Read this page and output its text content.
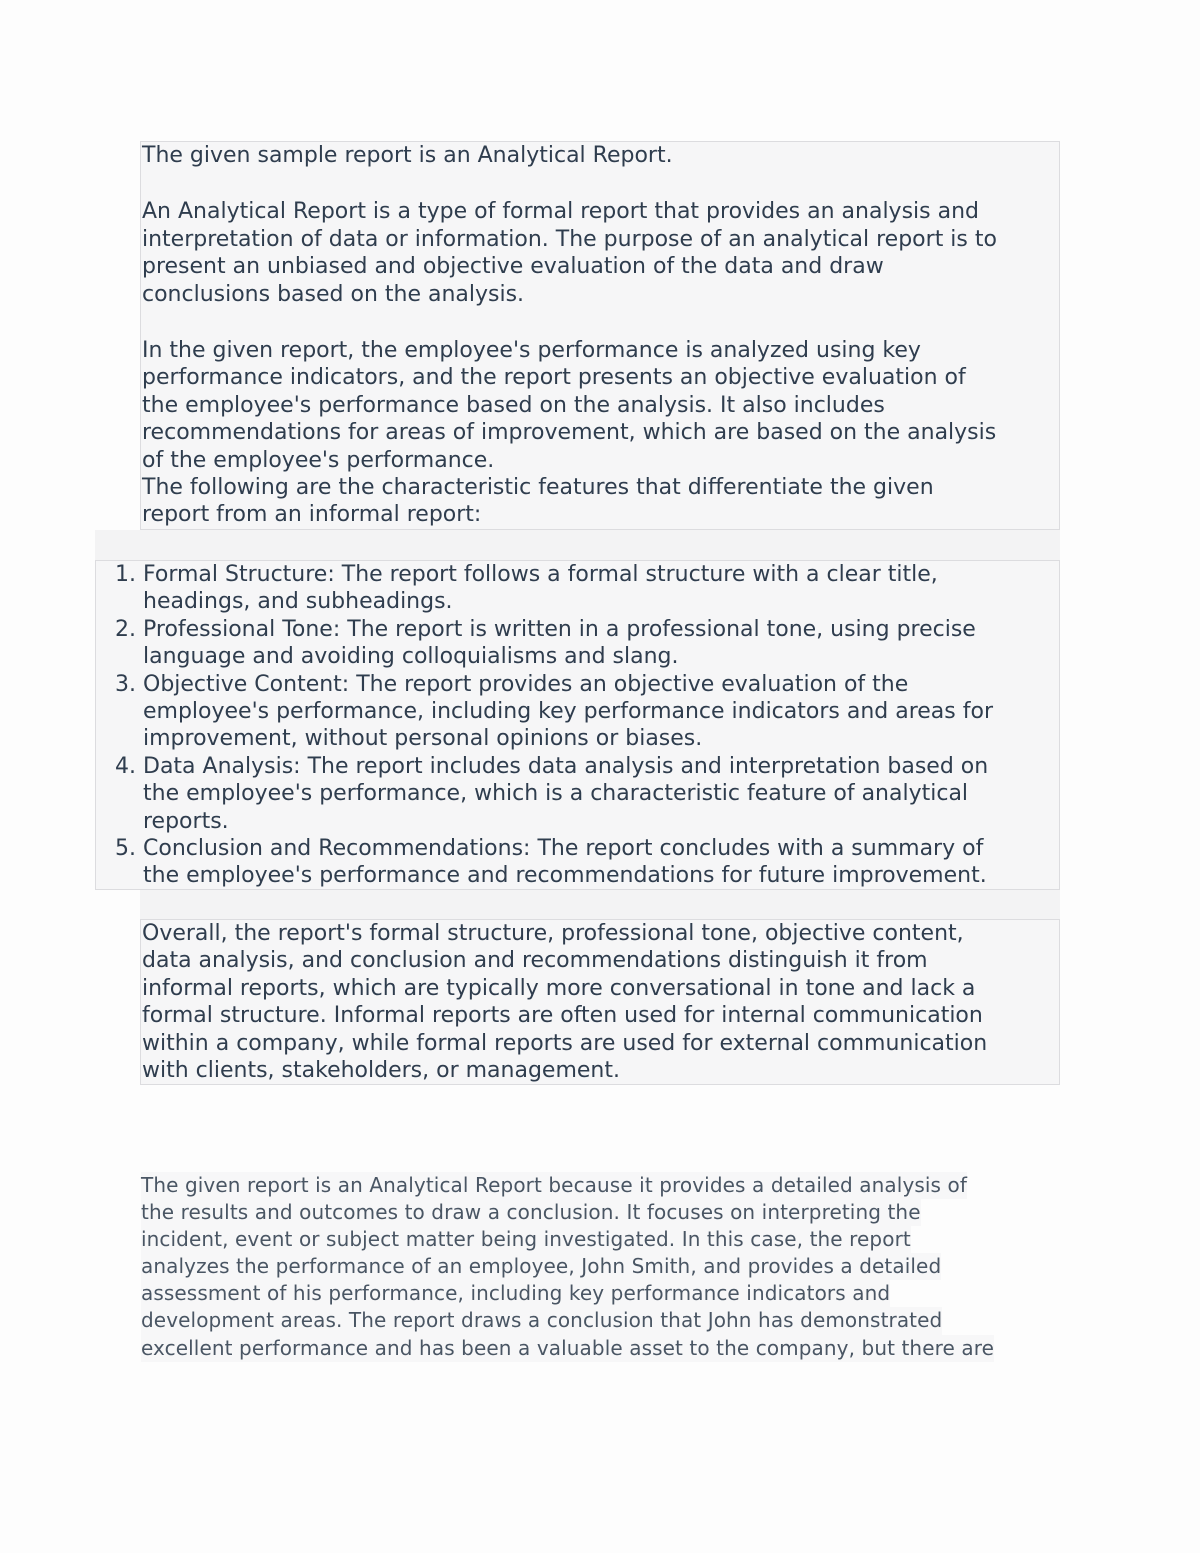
The given sample report is an Analytical Report.

An Analytical Report is a type of formal report that provides an analysis and
interpretation of data or information. The purpose of an analytical report is to
present an unbiased and objective evaluation of the data and draw
conclusions based on the analysis.

In the given report, the employee's performance is analyzed using key
performance indicators, and the report presents an objective evaluation of
the employee's performance based on the analysis. It also includes
recommendations for areas of improvement, which are based on the analysis
of the employee's performance.
The following are the characteristic features that differentiate the given
report from an informal report:

1. Formal Structure: The report follows a formal structure with a clear title,
headings, and subheadings.
2. Professional Tone: The report is written in a professional tone, using precise
language and avoiding colloquialisms and slang.
3. Objective Content: The report provides an objective evaluation of the
employee's performance, including key performance indicators and areas for
improvement, without personal opinions or biases.
4. Data Analysis: The report includes data analysis and interpretation based on
the employee's performance, which is a characteristic feature of analytical
reports.
5. Conclusion and Recommendations: The report concludes with a summary of
the employee's performance and recommendations for future improvement.
Overall, the report's formal structure, professional tone, objective content,
data analysis, and conclusion and recommendations distinguish it from
informal reports, which are typically more conversational in tone and lack a
formal structure. Informal reports are often used for internal communication
within a company, while formal reports are used for external communication
with clients, stakeholders, or management.
The given report is an Analytical Report because it provides a detailed analysis of
the results and outcomes to draw a conclusion. It focuses on interpreting the
incident, event or subject matter being investigated. In this case, the report
analyzes the performance of an employee, John Smith, and provides a detailed
assessment of his performance, including key performance indicators and
development areas. The report draws a conclusion that John has demonstrated
excellent performance and has been a valuable asset to the company, but there are
